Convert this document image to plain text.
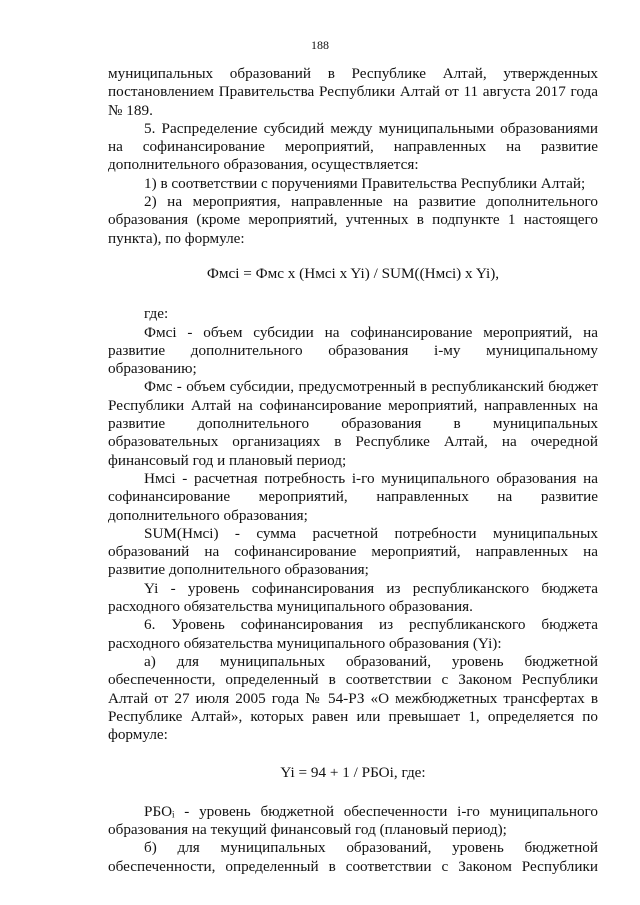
188

муниципальных образований в Республике Алтай, утвержденных постановлением Правительства Республики Алтай от 11 августа 2017 года № 189.

5. Распределение субсидий между муниципальными образованиями на софинансирование мероприятий, направленных на развитие дополнительного образования, осуществляется:

1) в соответствии с поручениями Правительства Республики Алтай;

2) на мероприятия, направленные на развитие дополнительного образования (кроме мероприятий, учтенных в подпункте 1 настоящего пункта), по формуле:

Фмсi = Фмс x (Нмсi x Yi) / SUM((Нмсi) x Yi),

где:

Фмсi - объем субсидии на софинансирование мероприятий, на развитие дополнительного образования i-му муниципальному образованию;

Фмс - объем субсидии, предусмотренный в республиканский бюджет Республики Алтай на софинансирование мероприятий, направленных на развитие дополнительного образования в муниципальных образовательных организациях в Республике Алтай, на очередной финансовый год и плановый период;

Нмсi - расчетная потребность i-го муниципального образования на софинансирование мероприятий, направленных на развитие дополнительного образования;

SUM(Нмсi) - сумма расчетной потребности муниципальных образований на софинансирование мероприятий, направленных на развитие дополнительного образования;

Yi - уровень софинансирования из республиканского бюджета расходного обязательства муниципального образования.

6. Уровень софинансирования из республиканского бюджета расходного обязательства муниципального образования (Yi):

а) для муниципальных образований, уровень бюджетной обеспеченности, определенный в соответствии с Законом Республики Алтай от 27 июля 2005 года № 54-РЗ «О межбюджетных трансфертах в Республике Алтай», которых равен или превышает 1, определяется по формуле:

Yi = 94 + 1 / РБОi, где:

РБОᵢ - уровень бюджетной обеспеченности i-го муниципального образования на текущий финансовый год (плановый период);

б) для муниципальных образований, уровень бюджетной обеспеченности, определенный в соответствии с Законом Республики
